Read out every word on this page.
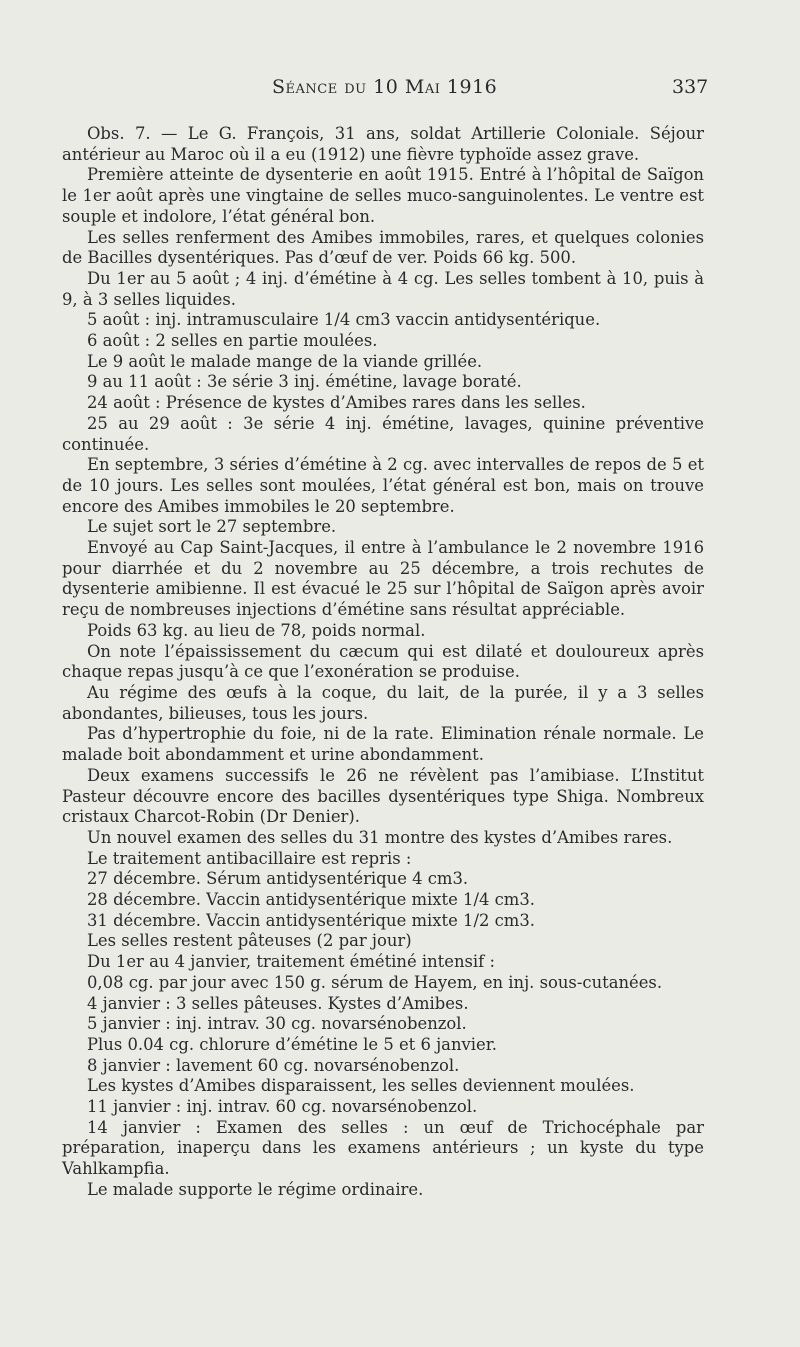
Séance du 10 Mai 1916	337

Obs. 7. — Le G. François, 31 ans, soldat Artillerie Coloniale. Séjour antérieur au Maroc où il a eu (1912) une fièvre typhoïde assez grave.

Première atteinte de dysenterie en août 1915. Entré à l’hôpital de Saïgon le 1er août après une vingtaine de selles muco-sanguinolentes. Le ventre est souple et indolore, l’état général bon.

Les selles renferment des Amibes immobiles, rares, et quelques colonies de Bacilles dysentériques. Pas d’œuf de ver. Poids 66 kg. 500.

Du 1er au 5 août ; 4 inj. d’émétine à 4 cg. Les selles tombent à 10, puis à 9, à 3 selles liquides.

5 août : inj. intramusculaire 1/4 cm3 vaccin antidysentérique.

6 août : 2 selles en partie moulées.

Le 9 août le malade mange de la viande grillée.

9 au 11 août : 3e série 3 inj. émétine, lavage boraté.

24 août : Présence de kystes d’Amibes rares dans les selles.

25 au 29 août : 3e série 4 inj. émétine, lavages, quinine préventive continuée.

En septembre, 3 séries d’émétine à 2 cg. avec intervalles de repos de 5 et de 10 jours. Les selles sont moulées, l’état général est bon, mais on trouve encore des Amibes immobiles le 20 septembre.

Le sujet sort le 27 septembre.

Envoyé au Cap Saint-Jacques, il entre à l’ambulance le 2 novembre 1916 pour diarrhée et du 2 novembre au 25 décembre, a trois rechutes de dysenterie amibienne. Il est évacué le 25 sur l’hôpital de Saïgon après avoir reçu de nombreuses injections d’émétine sans résultat appréciable.

Poids 63 kg. au lieu de 78, poids normal.

On note l’épaississement du cæcum qui est dilaté et douloureux après chaque repas jusqu’à ce que l’exonération se produise.

Au régime des œufs à la coque, du lait, de la purée, il y a 3 selles abondantes, bilieuses, tous les jours.

Pas d’hypertrophie du foie, ni de la rate. Elimination rénale normale. Le malade boit abondamment et urine abondamment.

Deux examens successifs le 26 ne révèlent pas l’amibiase. L’Institut Pasteur découvre encore des bacilles dysentériques type Shiga. Nombreux cristaux Charcot-Robin (Dr Denier).

Un nouvel examen des selles du 31 montre des kystes d’Amibes rares.

Le traitement antibacillaire est repris :

27 décembre. Sérum antidysentérique 4 cm3.

28 décembre. Vaccin antidysentérique mixte 1/4 cm3.

31 décembre. Vaccin antidysentérique mixte 1/2 cm3.

Les selles restent pâteuses (2 par jour)

Du 1er au 4 janvier, traitement émétiné intensif :

0,08 cg. par jour avec 150 g. sérum de Hayem, en inj. sous-cutanées.

4 janvier : 3 selles pâteuses. Kystes d’Amibes.

5 janvier : inj. intrav. 30 cg. novarsénobenzol.

Plus 0.04 cg. chlorure d’émétine le 5 et 6 janvier.

8 janvier : lavement 60 cg. novarsénobenzol.

Les kystes d’Amibes disparaissent, les selles deviennent moulées.

11 janvier : inj. intrav. 60 cg. novarsénobenzol.

14 janvier : Examen des selles : un œuf de Trichocéphale par préparation, inaperçu dans les examens antérieurs ; un kyste du type Vahlkampfia.

Le malade supporte le régime ordinaire.
